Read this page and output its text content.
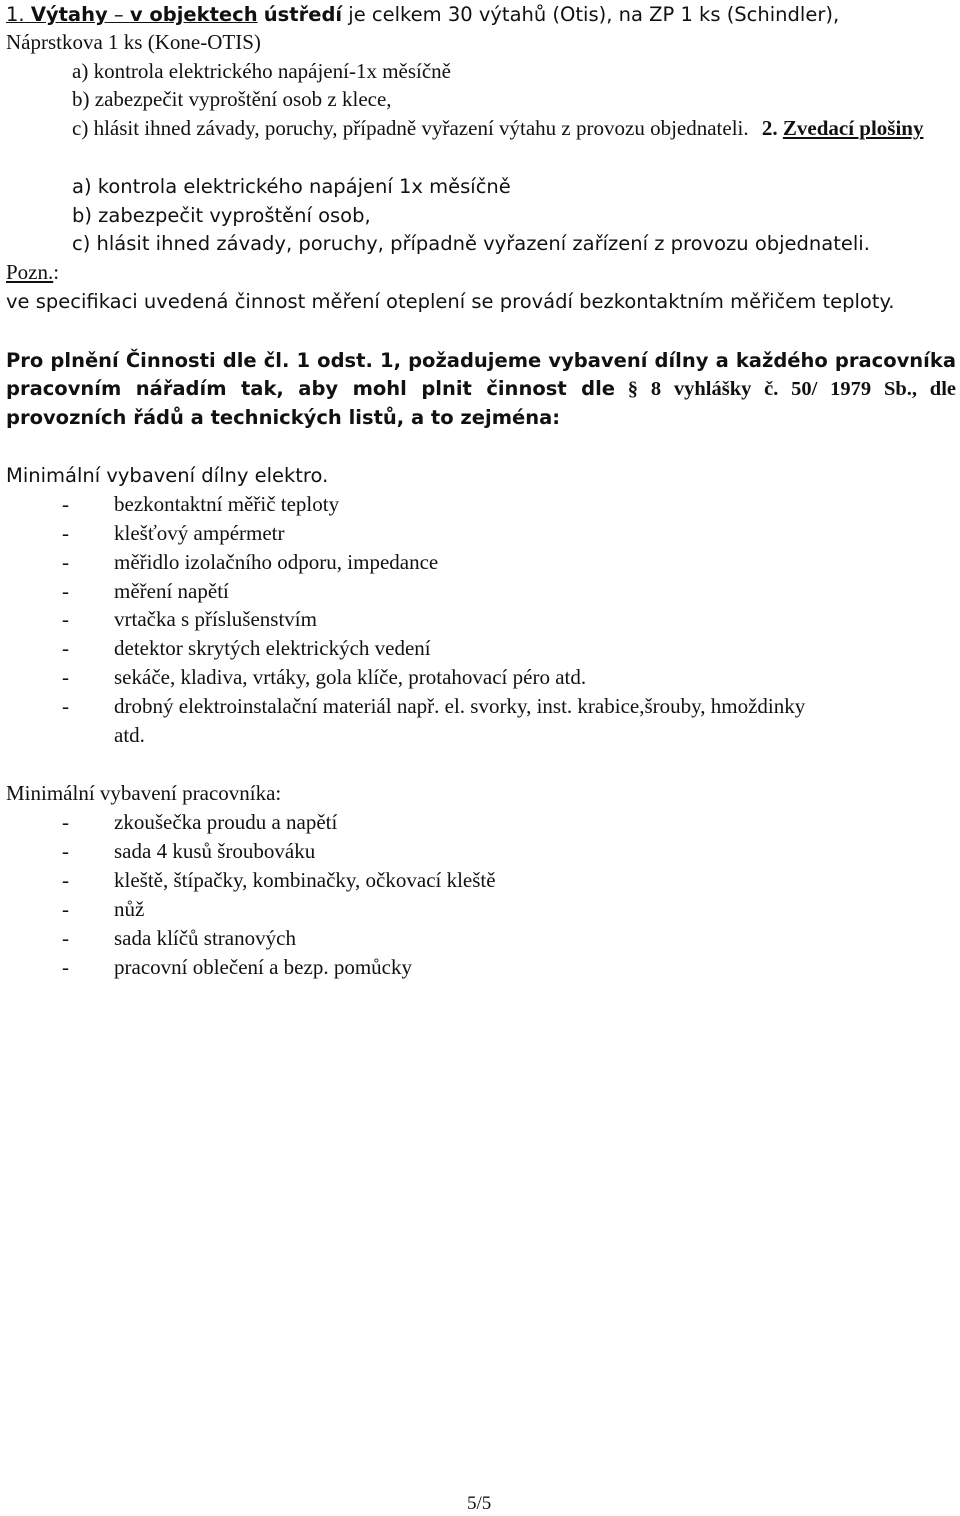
1. Výtahy – v objektech ústředí je celkem 30 výtahů (Otis), na ZP 1 ks (Schindler),
Náprstkova 1 ks (Kone-OTIS)
a) kontrola elektrického napájení-1x měsíčně
b) zabezpečit vyproštění osob z klece,
c) hlásit ihned závady, poruchy, případně vyřazení výtahu z provozu objednateli. 2. Zvedací plošiny
a) kontrola elektrického napájení 1x měsíčně
b) zabezpečit vyproštění osob,
c) hlásit ihned závady, poruchy, případně vyřazení zařízení z provozu objednateli.
Pozn.:
ve specifikaci uvedená činnost měření oteplení se provádí bezkontaktním měřičem teploty.
Pro plnění Činnosti dle čl. 1 odst. 1, požadujeme vybavení dílny a každého pracovníka
pracovním nářadím tak, aby mohl plnit činnost dle § 8 vyhlášky č. 50/ 1979 Sb., dle
provozních řádů a technických listů, a to zejména:
Minimální vybavení dílny elektro.
- bezkontaktní měřič teploty
- klešťový ampérmetr
- měřidlo izolačního odporu, impedance
- měření napětí
- vrtačka s příslušenstvím
- detektor skrytých elektrických vedení
- sekáče, kladiva, vrtáky, gola klíče, protahovací péro atd.
- drobný elektroinstalační materiál např. el. svorky, inst. krabice,šrouby, hmoždinky
atd.
Minimální vybavení pracovníka:
- zkoušečka proudu a napětí
- sada 4 kusů šroubováku
- kleště, štípačky, kombinačky, očkovací kleště
- nůž
- sada klíčů stranových
- pracovní oblečení a bezp. pomůcky
5/5
